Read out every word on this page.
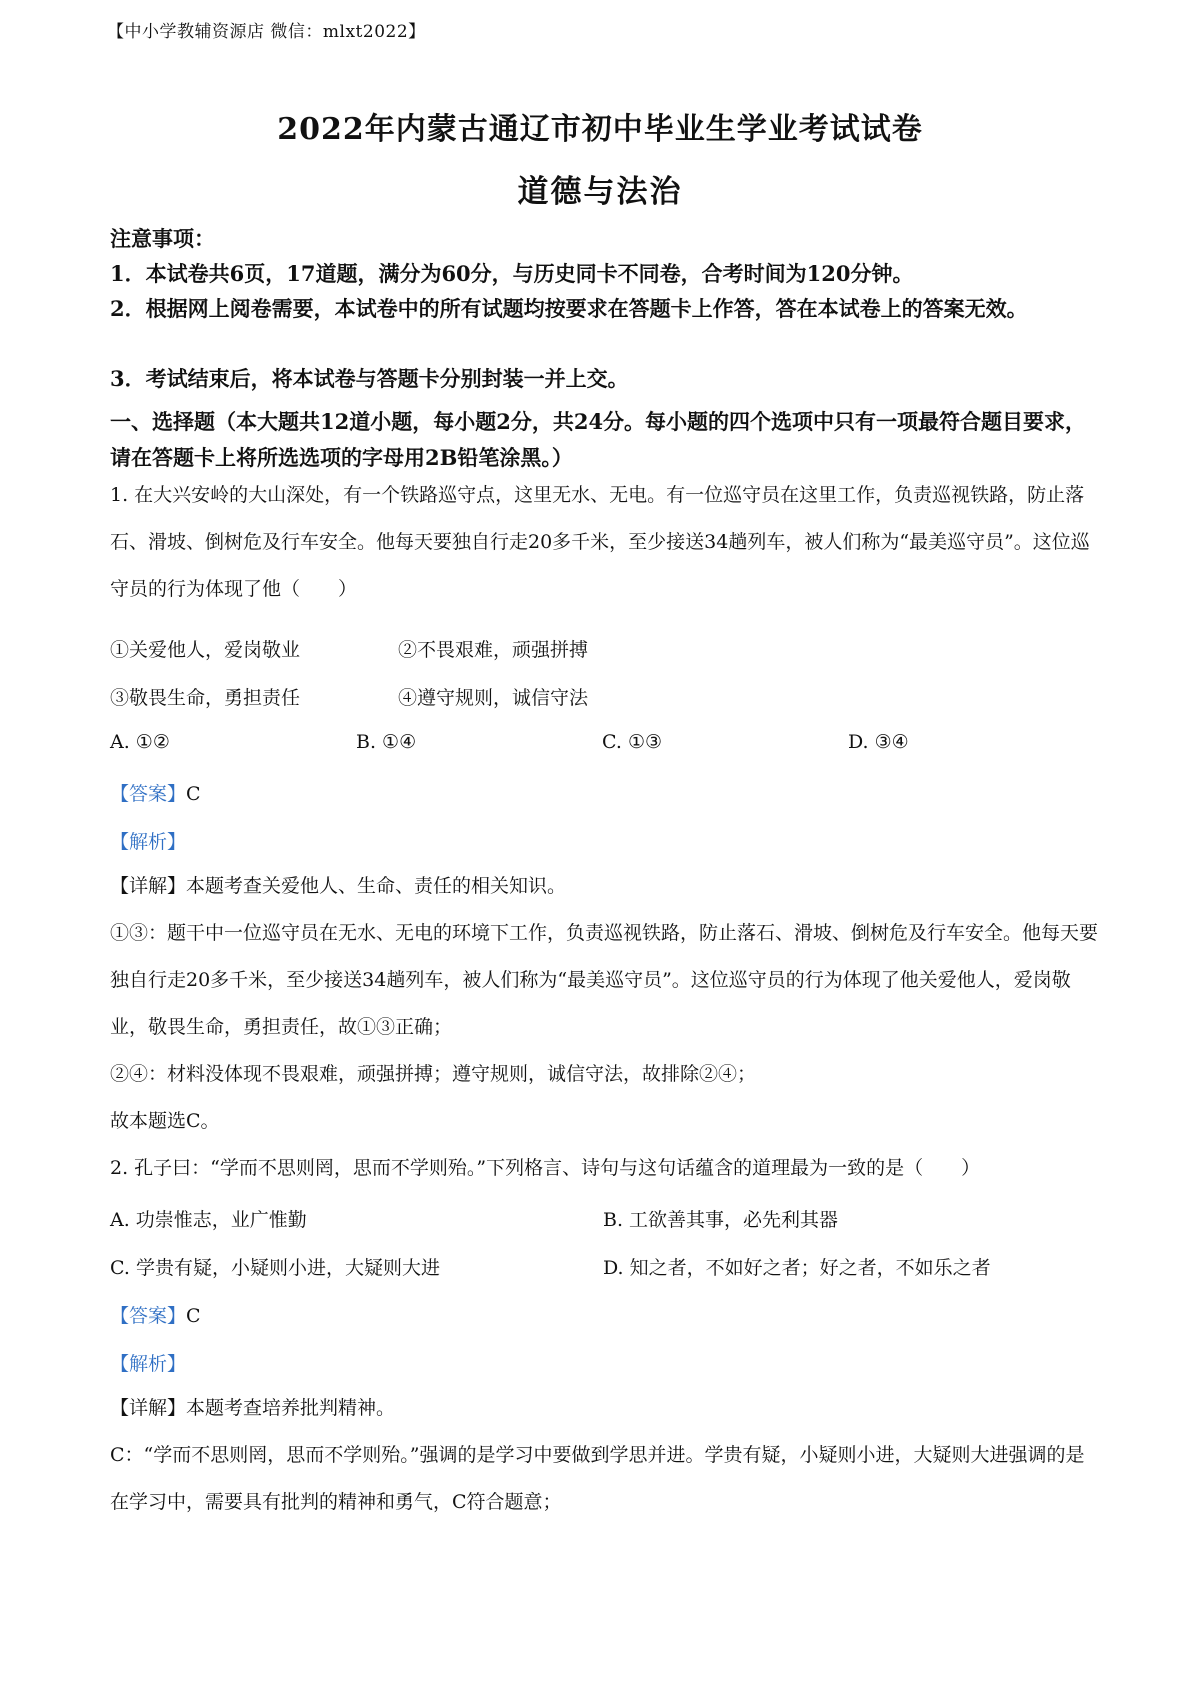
【中小学教辅资源店 微信：mlxt2022】
2022年内蒙古通辽市初中毕业生学业考试试卷
道德与法治
注意事项：
1．本试卷共6页，17道题，满分为60分，与历史同卡不同卷，合考时间为120分钟。
2．根据网上阅卷需要，本试卷中的所有试题均按要求在答题卡上作答，答在本试卷上的答案无效。
3．考试结束后，将本试卷与答题卡分别封装一并上交。
一、选择题（本大题共12道小题，每小题2分，共24分。每小题的四个选项中只有一项最符合题目要求，请在答题卡上将所选选项的字母用2B铅笔涂黑。）
1. 在大兴安岭的大山深处，有一个铁路巡守点，这里无水、无电。有一位巡守员在这里工作，负责巡视铁路，防止落石、滑坡、倒树危及行车安全。他每天要独自行走20多千米，至少接送34趟列车，被人们称为“最美巡守员”。这位巡守员的行为体现了他（　　）
①关爱他人，爱岗敬业	②不畏艰难，顽强拼搏
③敬畏生命，勇担责任	④遵守规则，诚信守法
A. ①②	B. ①④	C. ①③	D. ③④
【答案】C
【解析】
【详解】本题考查关爱他人、生命、责任的相关知识。
①③：题干中一位巡守员在无水、无电的环境下工作，负责巡视铁路，防止落石、滑坡、倒树危及行车安全。他每天要独自行走20多千米，至少接送34趟列车，被人们称为“最美巡守员”。这位巡守员的行为体现了他关爱他人，爱岗敬业，敬畏生命，勇担责任，故①③正确；
②④：材料没体现不畏艰难，顽强拼搏；遵守规则，诚信守法，故排除②④；
故本题选C。
2. 孔子曰：“学而不思则罔，思而不学则殆。”下列格言、诗句与这句话蕴含的道理最为一致的是（　　）
A. 功崇惟志，业广惟勤	B. 工欲善其事，必先利其器
C. 学贵有疑，小疑则小进，大疑则大进	D. 知之者，不如好之者；好之者，不如乐之者
【答案】C
【解析】
【详解】本题考查培养批判精神。
C：“学而不思则罔，思而不学则殆。”强调的是学习中要做到学思并进。学贵有疑，小疑则小进，大疑则大进强调的是在学习中，需要具有批判的精神和勇气，C符合题意；
